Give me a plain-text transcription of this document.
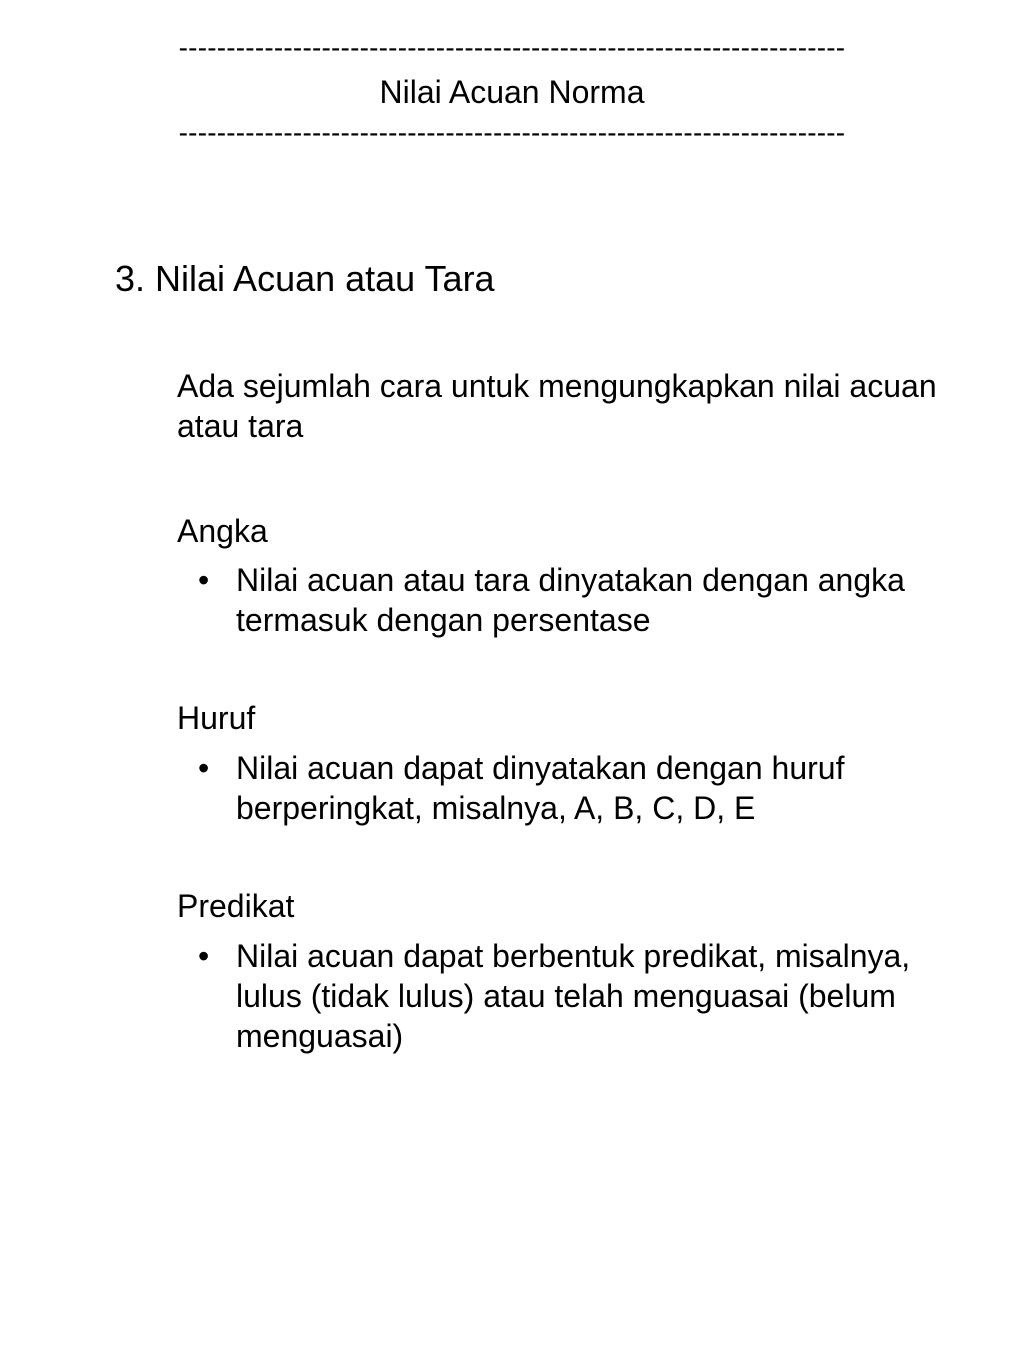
----------------------------------------------------------------------
Nilai Acuan Norma
----------------------------------------------------------------------
3. Nilai Acuan atau Tara
Ada sejumlah cara untuk mengungkapkan nilai acuan atau tara
Angka
• Nilai acuan atau tara dinyatakan dengan angka termasuk dengan persentase
Huruf
• Nilai acuan dapat dinyatakan dengan huruf berperingkat, misalnya, A, B, C, D, E
Predikat
• Nilai acuan dapat berbentuk predikat, misalnya, lulus (tidak lulus) atau telah menguasai (belum menguasai)
